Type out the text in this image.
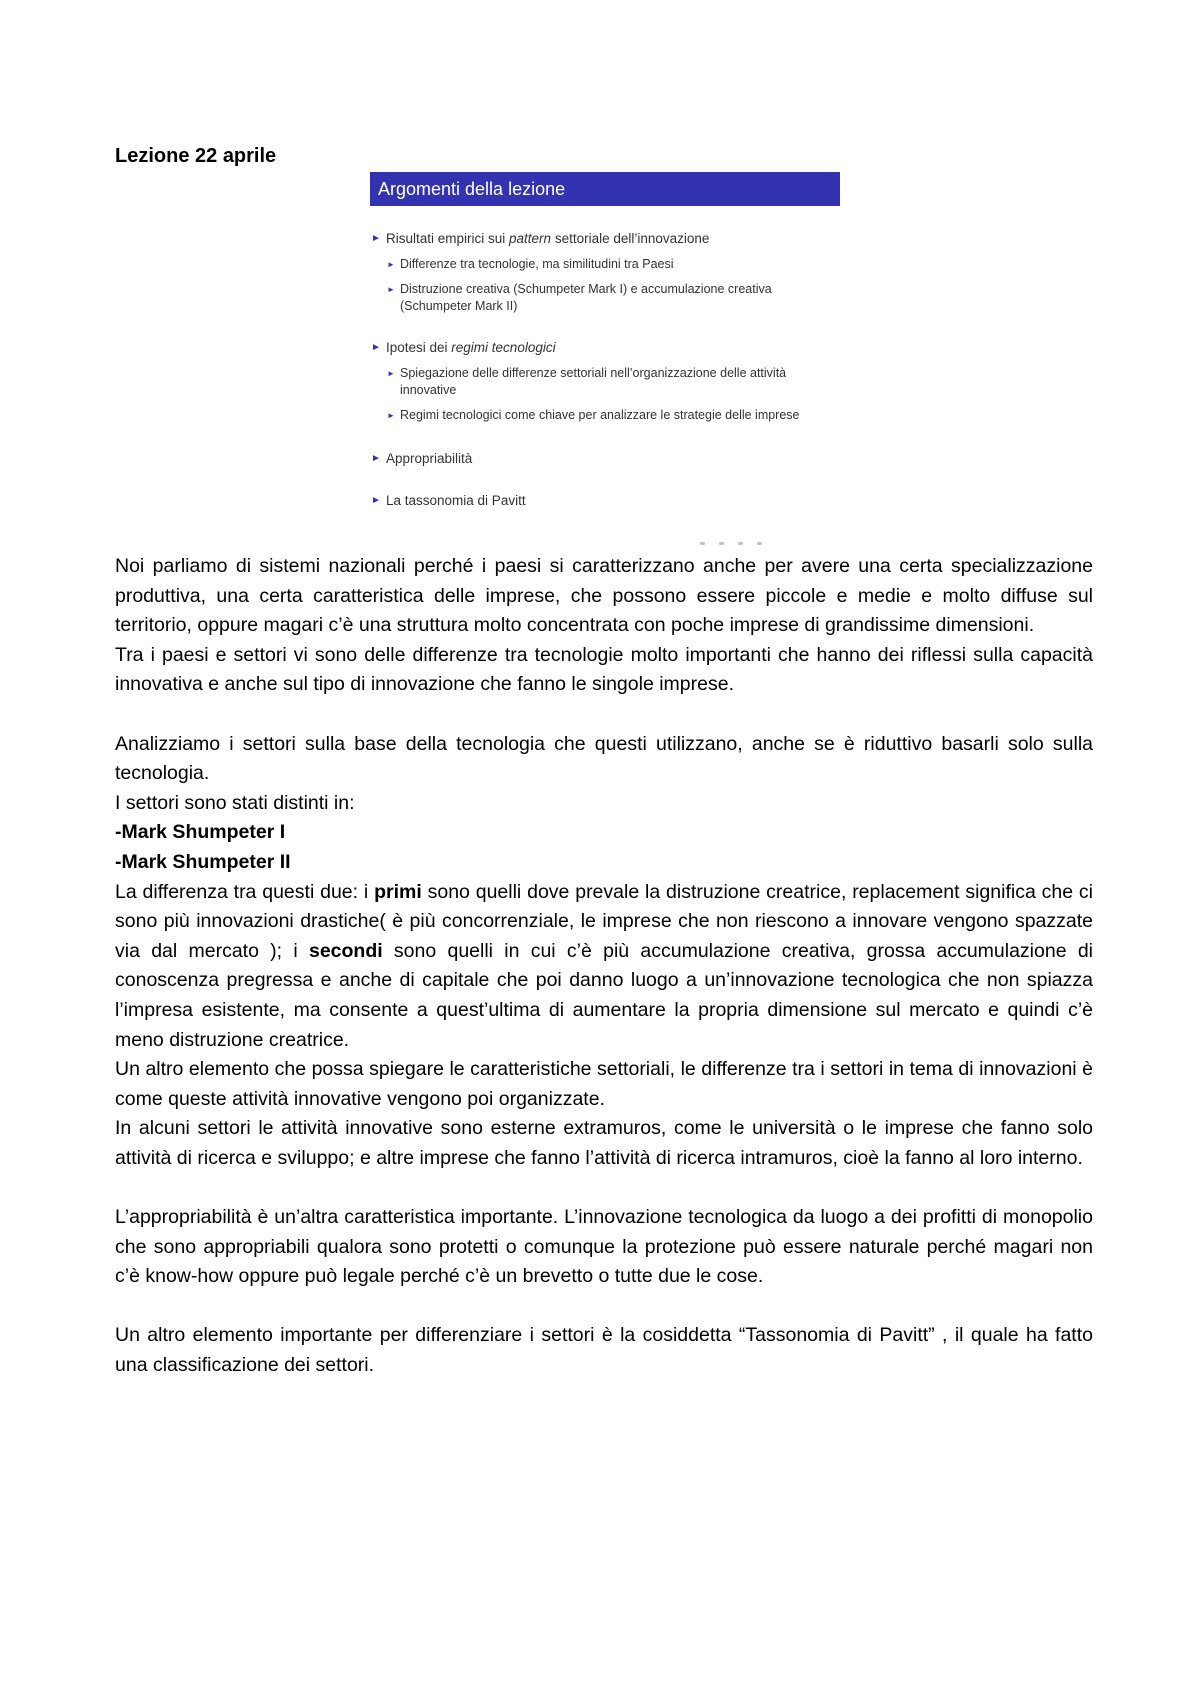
Lezione 22 aprile
Argomenti della lezione
► Risultati empirici sui pattern settoriale dell’innovazione
► Differenze tra tecnologie, ma similitudini tra Paesi
► Distruzione creativa (Schumpeter Mark I) e accumulazione creativa (Schumpeter Mark II)
► Ipotesi dei regimi tecnologici
► Spiegazione delle differenze settoriali nell’organizzazione delle attività innovative
► Regimi tecnologici come chiave per analizzare le strategie delle imprese
► Appropriabilità
► La tassonomia di Pavitt

Noi parliamo di sistemi nazionali perché i paesi si caratterizzano anche per avere una certa specializzazione produttiva, una certa caratteristica delle imprese, che possono essere piccole e medie e molto diffuse sul territorio, oppure magari c’è una struttura molto concentrata con poche imprese di grandissime dimensioni.

Tra i paesi e settori vi sono delle differenze tra tecnologie molto importanti che hanno dei riflessi sulla capacità innovativa e anche sul tipo di innovazione che fanno le singole imprese.

Analizziamo i settori sulla base della tecnologia che questi utilizzano, anche se è riduttivo basarli solo sulla tecnologia.

I settori sono stati distinti in:

-Mark Shumpeter I

-Mark Shumpeter II

La differenza tra questi due: i primi sono quelli dove prevale la distruzione creatrice, replacement significa che ci sono più innovazioni drastiche( è più concorrenziale, le imprese che non riescono a innovare vengono spazzate via dal mercato ); i secondi sono quelli in cui c’è più accumulazione creativa, grossa accumulazione di conoscenza pregressa e anche di capitale che poi danno luogo a un’innovazione tecnologica che non spiazza l’impresa esistente, ma consente a quest’ultima di aumentare la propria dimensione sul mercato e quindi c’è meno distruzione creatrice.

Un altro elemento che possa spiegare le caratteristiche settoriali, le differenze tra i settori in tema di innovazioni è come queste attività innovative vengono poi organizzate.

In alcuni settori le attività innovative sono esterne extramuros, come le università o le imprese che fanno solo attività di ricerca e sviluppo; e altre imprese che fanno l’attività di ricerca intramuros, cioè la fanno al loro interno.

L’appropriabilità è un’altra caratteristica importante. L’innovazione tecnologica da luogo a dei profitti di monopolio che sono appropriabili qualora sono protetti o comunque la protezione può essere naturale perché magari non c’è know-how oppure può legale perché c’è un brevetto o tutte due le cose.

Un altro elemento importante per differenziare i settori è la cosiddetta “Tassonomia di Pavitt” , il quale ha fatto una classificazione dei settori.
